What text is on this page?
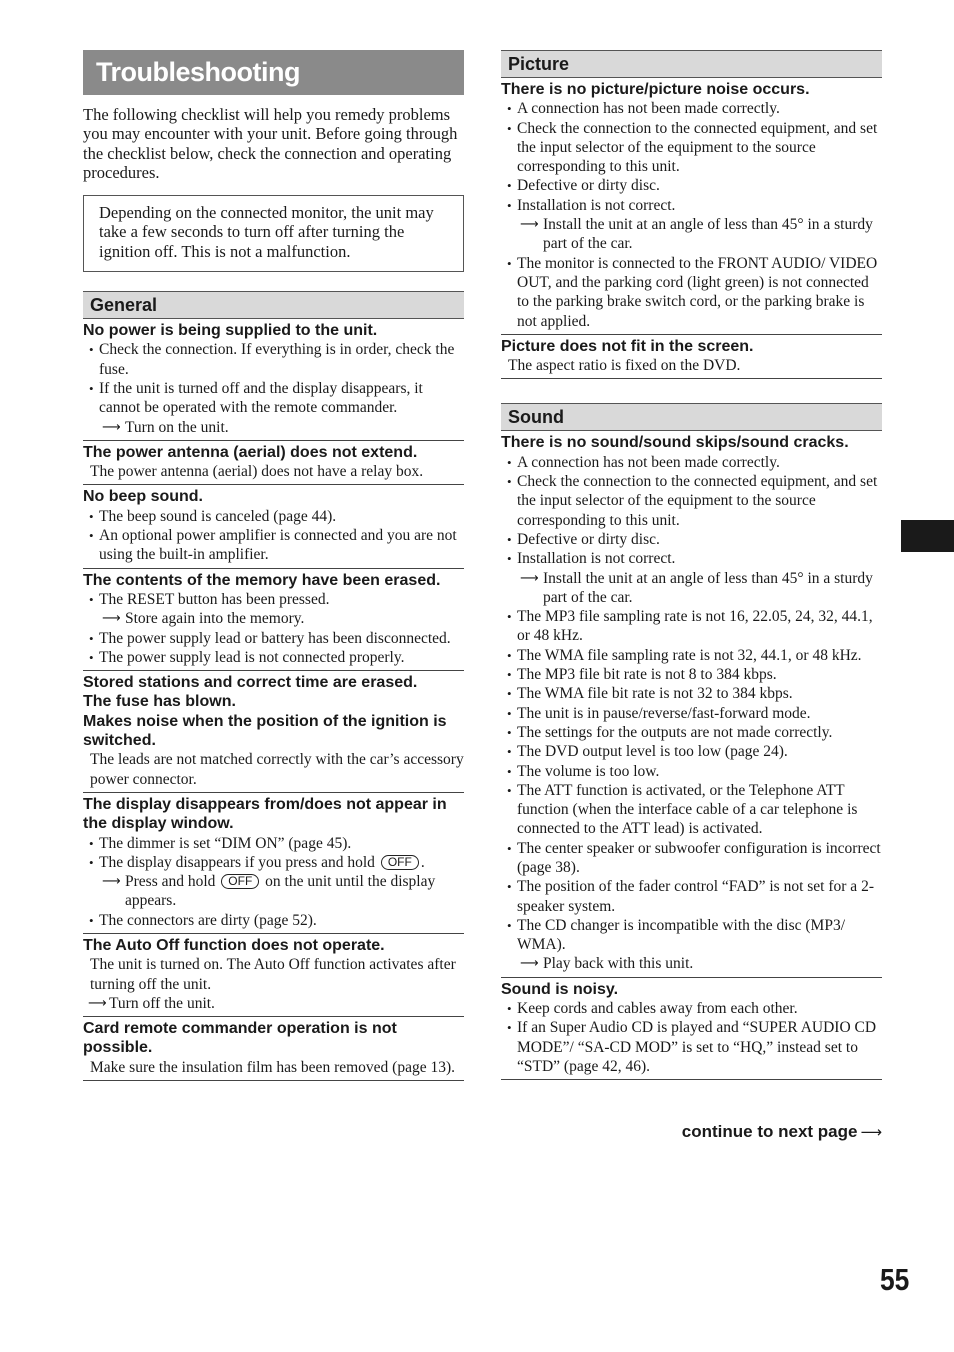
Troubleshooting

The following checklist will help you remedy problems you may encounter with your unit. Before going through the checklist below, check the connection and operating procedures.

Depending on the connected monitor, the unit may take a few seconds to turn off after turning the ignition off. This is not a malfunction.
General
No power is being supplied to the unit.
• Check the connection. If everything is in order, check the fuse.
• If the unit is turned off and the display disappears, it cannot be operated with the remote commander.
⟶ Turn on the unit.
The power antenna (aerial) does not extend.
The power antenna (aerial) does not have a relay box.
No beep sound.
• The beep sound is canceled (page 44).
• An optional power amplifier is connected and you are not using the built-in amplifier.
The contents of the memory have been erased.
• The RESET button has been pressed.
⟶ Store again into the memory.
• The power supply lead or battery has been disconnected.
• The power supply lead is not connected properly.
Stored stations and correct time are erased.
The fuse has blown.
Makes noise when the position of the ignition is switched.
The leads are not matched correctly with the car’s accessory power connector.
The display disappears from/does not appear in the display window.
• The dimmer is set “DIM ON” (page 45).
• The display disappears if you press and hold OFF .
⟶ Press and hold OFF on the unit until the display appears.
• The connectors are dirty (page 52).
The Auto Off function does not operate.
The unit is turned on. The Auto Off function activates after turning off the unit.
⟶ Turn off the unit.
Card remote commander operation is not possible.
Make sure the insulation film has been removed (page 13).
Picture
There is no picture/picture noise occurs.
• A connection has not been made correctly.
• Check the connection to the connected equipment, and set the input selector of the equipment to the source corresponding to this unit.
• Defective or dirty disc.
• Installation is not correct.
⟶ Install the unit at an angle of less than 45° in a sturdy part of the car.
• The monitor is connected to the FRONT AUDIO/ VIDEO OUT, and the parking cord (light green) is not connected to the parking brake switch cord, or the parking brake is not applied.
Picture does not fit in the screen.
The aspect ratio is fixed on the DVD.
Sound
There is no sound/sound skips/sound cracks.
• A connection has not been made correctly.
• Check the connection to the connected equipment, and set the input selector of the equipment to the source corresponding to this unit.
• Defective or dirty disc.
• Installation is not correct.
⟶ Install the unit at an angle of less than 45° in a sturdy part of the car.
• The MP3 file sampling rate is not 16, 22.05, 24, 32, 44.1, or 48 kHz.
• The WMA file sampling rate is not 32, 44.1, or 48 kHz.
• The MP3 file bit rate is not 8 to 384 kbps.
• The WMA file bit rate is not 32 to 384 kbps.
• The unit is in pause/reverse/fast-forward mode.
• The settings for the outputs are not made correctly.
• The DVD output level is too low (page 24).
• The volume is too low.
• The ATT function is activated, or the Telephone ATT function (when the interface cable of a car telephone is connected to the ATT lead) is activated.
• The center speaker or subwoofer configuration is incorrect (page 38).
• The position of the fader control “FAD” is not set for a 2-speaker system.
• The CD changer is incompatible with the disc (MP3/ WMA).
⟶ Play back with this unit.
Sound is noisy.
• Keep cords and cables away from each other.
• If an Super Audio CD is played and “SUPER AUDIO CD MODE”/ “SA-CD MOD” is set to “HQ,” instead set to “STD” (page 42, 46).
continue to next page ⟶
55
